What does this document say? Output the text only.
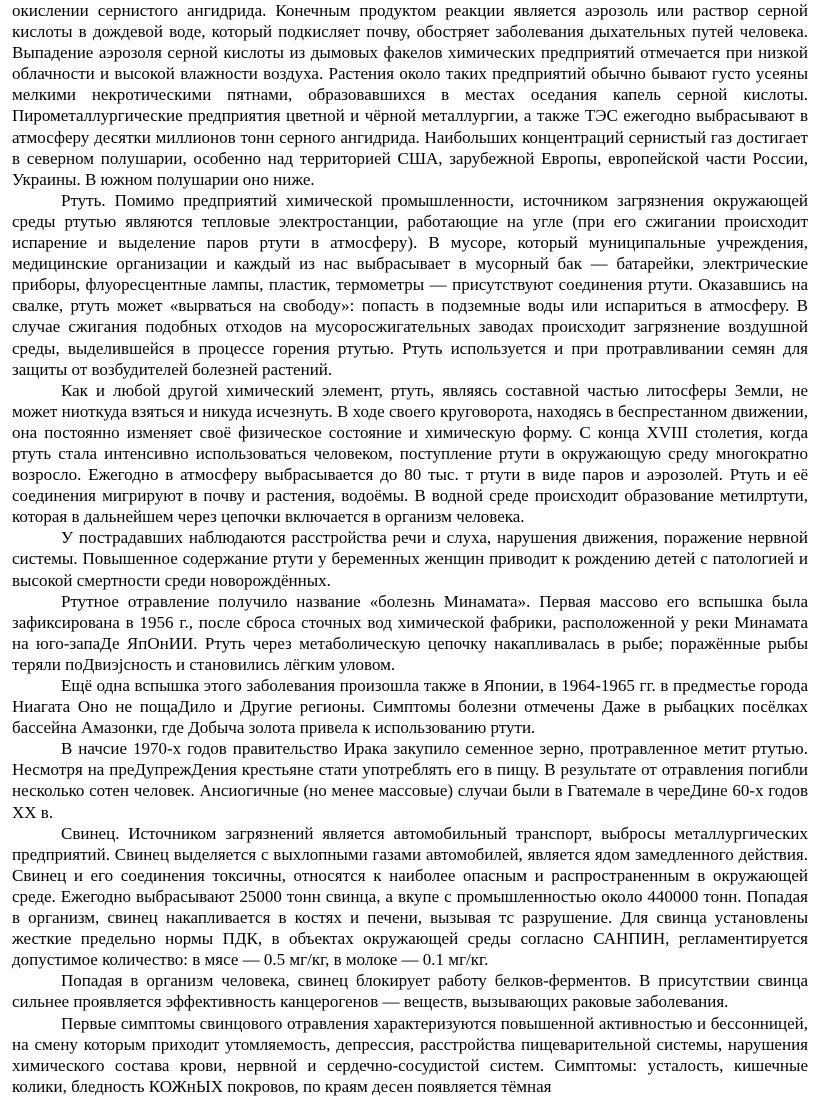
окислении сернистого ангидрида. Конечным продуктом реакции является аэрозоль или раствор серной кислоты в дождевой воде, который подкисляет почву, обостряет заболевания дыхательных путей человека. Выпадение аэрозоля серной кислоты из дымовых факелов химических предприятий отмечается при низкой облачности и высокой влажности воздуха. Растения около таких предприятий обычно бывают густо усеяны мелкими некротическими пятнами, образовавшихся в местах оседания капель серной кислоты. Пирометаллургические предприятия цветной и чёрной металлургии, а также ТЭС ежегодно выбрасывают в атмосферу десятки миллионов тонн серного ангидрида. Наибольших концентраций сернистый газ достигает в северном полушарии, особенно над территорией США, зарубежной Европы, европейской части России, Украины. В южном полушарии оно ниже.

Ртуть. Помимо предприятий химической промышленности, источником загрязнения окружающей среды ртутью являются тепловые электростанции, работающие на угле (при его сжигании происходит испарение и выделение паров ртути в атмосферу). В мусоре, который муниципальные учреждения, медицинские организации и каждый из нас выбрасывает в мусорный бак — батарейки, электрические приборы, флуоресцентные лампы, пластик, термометры — присутствуют соединения ртути. Оказавшись на свалке, ртуть может «вырваться на свободу»: попасть в подземные воды или испариться в атмосферу. В случае сжигания подобных отходов на мусоросжигательных заводах происходит загрязнение воздушной среды, выделившейся в процессе горения ртутью. Ртуть используется и при протравливании семян для защиты от возбудителей болезней растений.

Как и любой другой химический элемент, ртуть, являясь составной частью литосферы Земли, не может ниоткуда взяться и никуда исчезнуть. В ходе своего круговорота, находясь в беспрестанном движении, она постоянно изменяет своё физическое состояние и химическую форму. С конца XVIII столетия, когда ртуть стала интенсивно использоваться человеком, поступление ртути в окружающую среду многократно возросло. Ежегодно в атмосферу выбрасывается до 80 тыс. т ртути в виде паров и аэрозолей. Ртуть и её соединения мигрируют в почву и растения, водоёмы. В водной среде происходит образование метилртути, которая в дальнейшем через цепочки включается в организм человека.

У пострадавших наблюдаются расстройства речи и слуха, нарушения движения, поражение нервной системы. Повышенное содержание ртути у беременных женщин приводит к рождению детей с патологией и высокой смертности среди новорождённых.

Ртутное отравление получило название «болезнь Минамата». Первая массово его вспышка была зафиксирована в 1956 г., после сброса сточных вод химической фабрики, расположенной у реки Минамата на юго-запаДе ЯпОнИИ. Ртуть через метаболическую цепочку накапливалась в рыбе; поражённые рыбы теряли поДвиэјсность и становились лёгким уловом.

Ещё одна вспышка этого заболевания произошла также в Японии, в 1964-1965 гг. в предместье города Ниагата Оно не пощаДило и Другие регионы. Симптомы болезни отмечены Даже в рыбацких посёлках бассейна Амазонки, где Добыча золота привела к использованию ртути.

В начсие 1970-х годов правительство Ирака закупило семенное зерно, протравленное метит ртутью. Несмотря на преДупрежДения крестьяне стати употреблять его в пищу. В результате от отравления погибли несколько сотен человек. Ансиогичные (но менее массовые) случаи были в Гватемале в череДине 60-х годов XX в.

Свинец. Источником загрязнений является автомобильный транспорт, выбросы металлургических предприятий. Свинец выделяется с выхлопными газами автомобилей, является ядом замедленного действия. Свинец и его соединения токсичны, относятся к наиболее опасным и распространенным в окружающей среде. Ежегодно выбрасывают 25000 тонн свинца, а вкупе с промышленностью около 440000 тонн. Попадая в организм, свинец накапливается в костях и печени, вызывая тс разрушение. Для свинца установлены жесткие предельно нормы ПДК, в объектах окружающей среды согласно САНПИН, регламентируется допустимое количество: в мясе — 0.5 мг/кг, в молоке — 0.1 мг/кг.

Попадая в организм человека, свинец блокирует работу белков-ферментов. В присутствии свинца сильнее проявляется эффективность канцерогенов — веществ, вызывающих раковые заболевания.

Первые симптомы свинцового отравления характеризуются повышенной активностью и бессонницей, на смену которым приходит утомляемость, депрессия, расстройства пищеварительной системы, нарушения химического состава крови, нервной и сердечно-сосудистой систем. Симптомы: усталость, кишечные колики, бледность КОЖнЫХ покровов, по краям десен появляется тёмная
